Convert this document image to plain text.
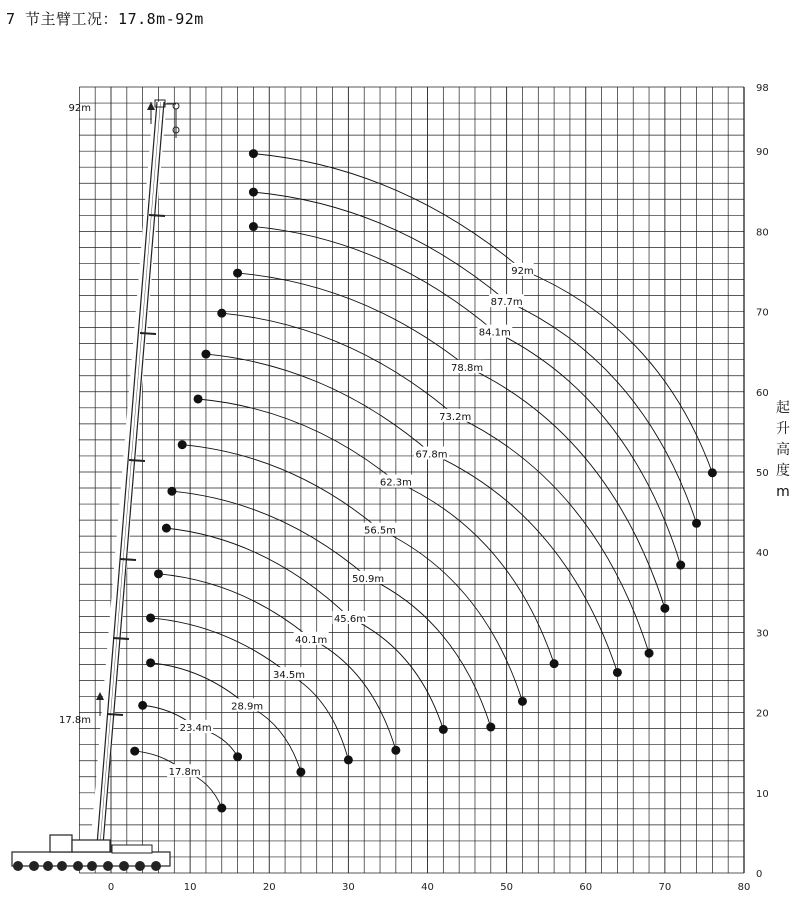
7 节主臂工况：17.8m-92m
起升高度 m
0	10	20	30	40	50	60	70	80
0
10
20
30
40
50
60
70
80
90
98
17.8m
92m
17.8m
23.4m
28.9m
34.5m
40.1m
45.6m
50.9m
56.5m
62.3m
67.8m
73.2m
78.8m
84.1m
87.7m
92m
